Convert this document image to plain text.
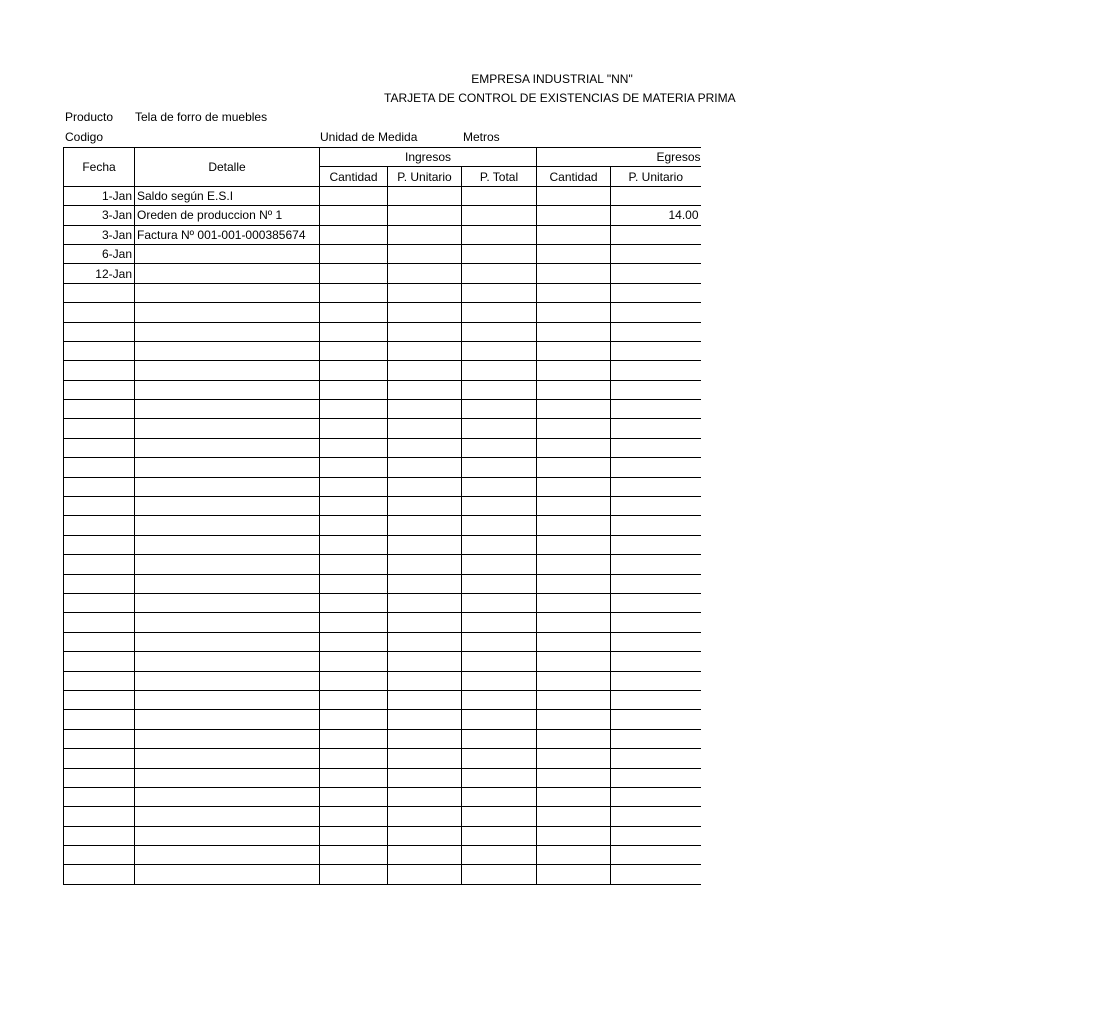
EMPRESA INDUSTRIAL "NN"
TARJETA DE CONTROL DE EXISTENCIAS DE MATERIA PRIMA
Producto Tela de forro de muebles
Codigo	Unidad de Medida	Metros
Fecha	Detalle	Ingresos			Egresos	
		Cantidad	P. Unitario	P. Total	Cantidad	P. Unitario
1-Jan	Saldo según E.S.I					
3-Jan	Oreden de produccion Nº 1					14.00
3-Jan	Factura Nº 001-001-000385674					
6-Jan						
12-Jan						
